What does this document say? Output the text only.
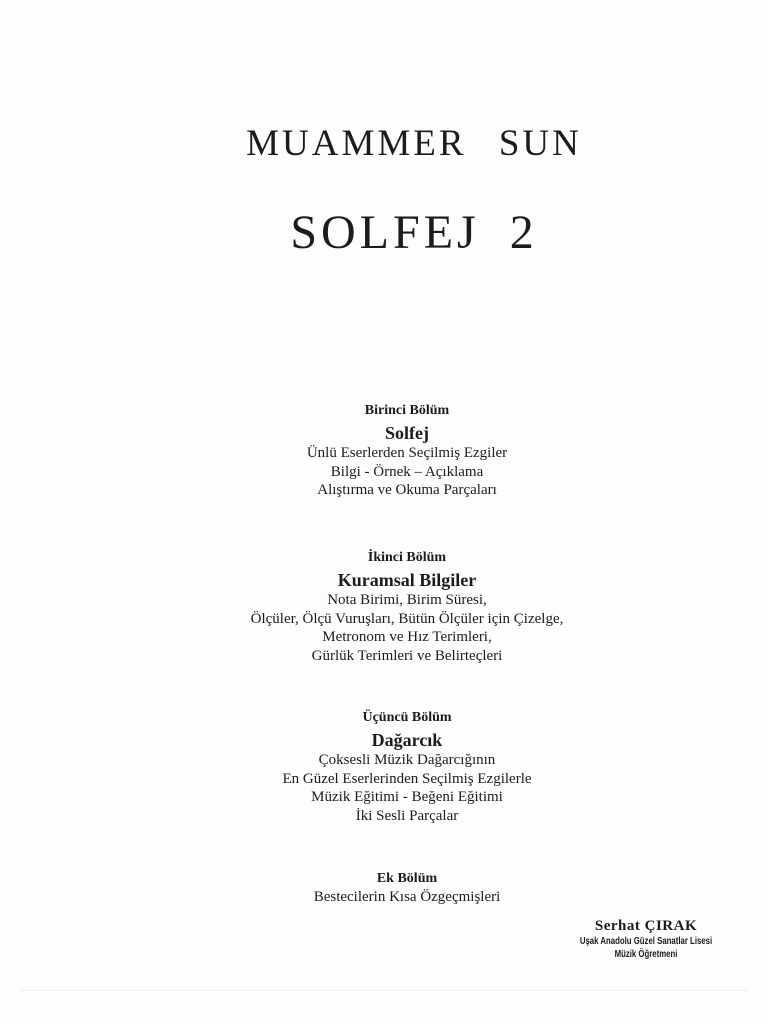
MUAMMER SUN
SOLFEJ 2
Birinci Bölüm
Solfej
Ünlü Eserlerden Seçilmiş Ezgiler
Bilgi - Örnek – Açıklama
Alıştırma ve Okuma Parçaları
İkinci Bölüm
Kuramsal Bilgiler
Nota Birimi, Birim Süresi,
Ölçüler, Ölçü Vuruşları, Bütün Ölçüler için Çizelge,
Metronom ve Hız Terimleri,
Gürlük Terimleri ve Belirteçleri
Üçüncü Bölüm
Dağarcık
Çoksesli Müzik Dağarcığının
En Güzel Eserlerinden Seçilmiş Ezgilerle
Müzik Eğitimi - Beğeni Eğitimi
İki Sesli Parçalar
Ek Bölüm
Bestecilerin Kısa Özgeçmişleri
Serhat ÇIRAK
Uşak Anadolu Güzel Sanatlar Lisesi
Müzik Öğretmeni
